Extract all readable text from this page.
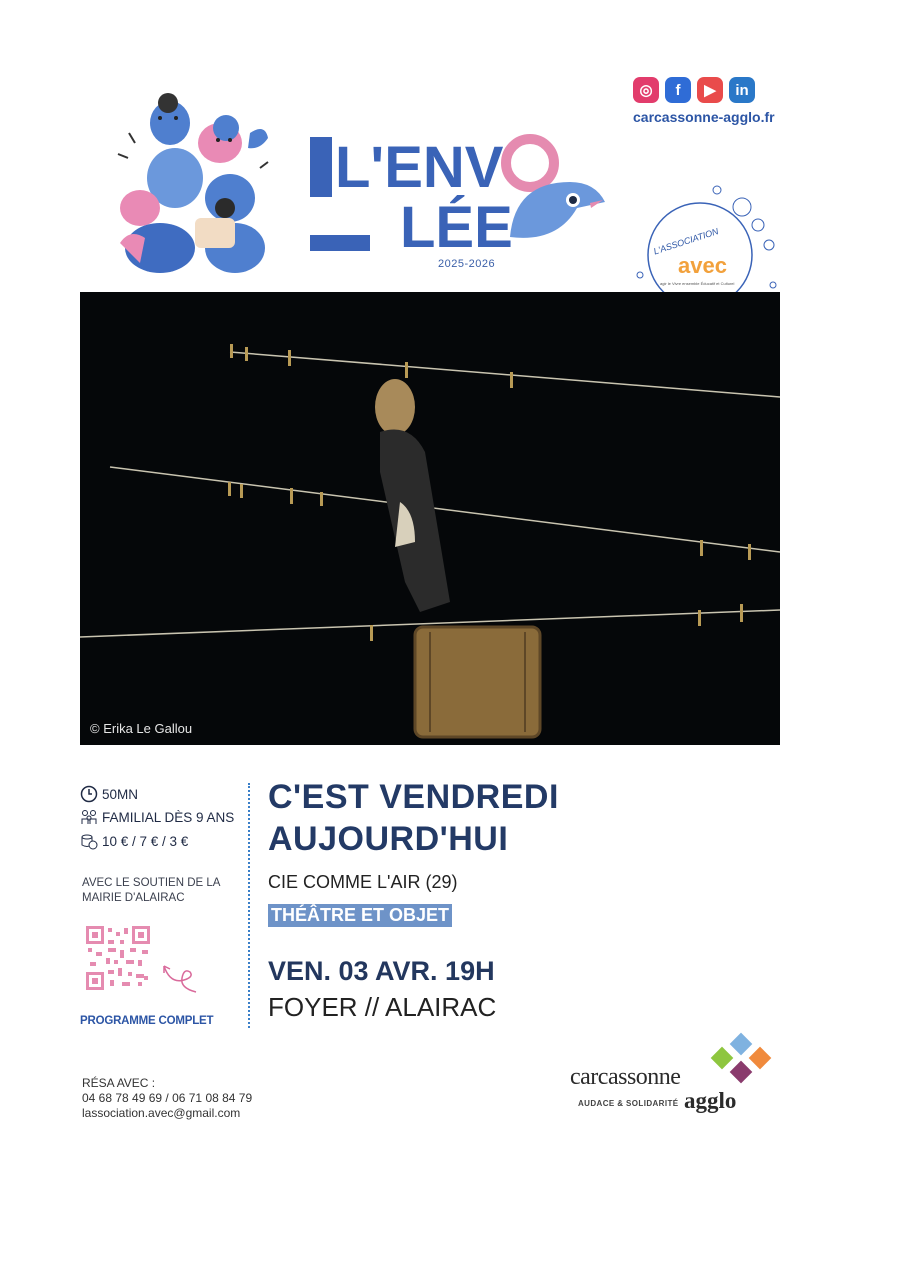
L'ENV
LÉE
2025-2026
◎	f	▶	in
carcassonne-agglo.fr
L'ASSOCIATION
avec
agir le Vivre ensemble Éducatif et Culturel
© Erika Le Gallou
50MN
FAMILIAL DÈS 9 ANS
10 € / 7 € / 3 €
AVEC LE SOUTIEN DE LA MAIRIE D'ALAIRAC
PROGRAMME COMPLET
C'EST VENDREDI
AUJOURD'HUI
CIE COMME L'AIR (29)
THÉÂTRE ET OBJET
VEN. 03 AVR. 19H
FOYER // ALAIRAC
RÉSA AVEC :
04 68 78 49 69 / 06 71 08 84 79
lassociation.avec@gmail.com
carcassonne
AUDACE & SOLIDARITÉ agglo
